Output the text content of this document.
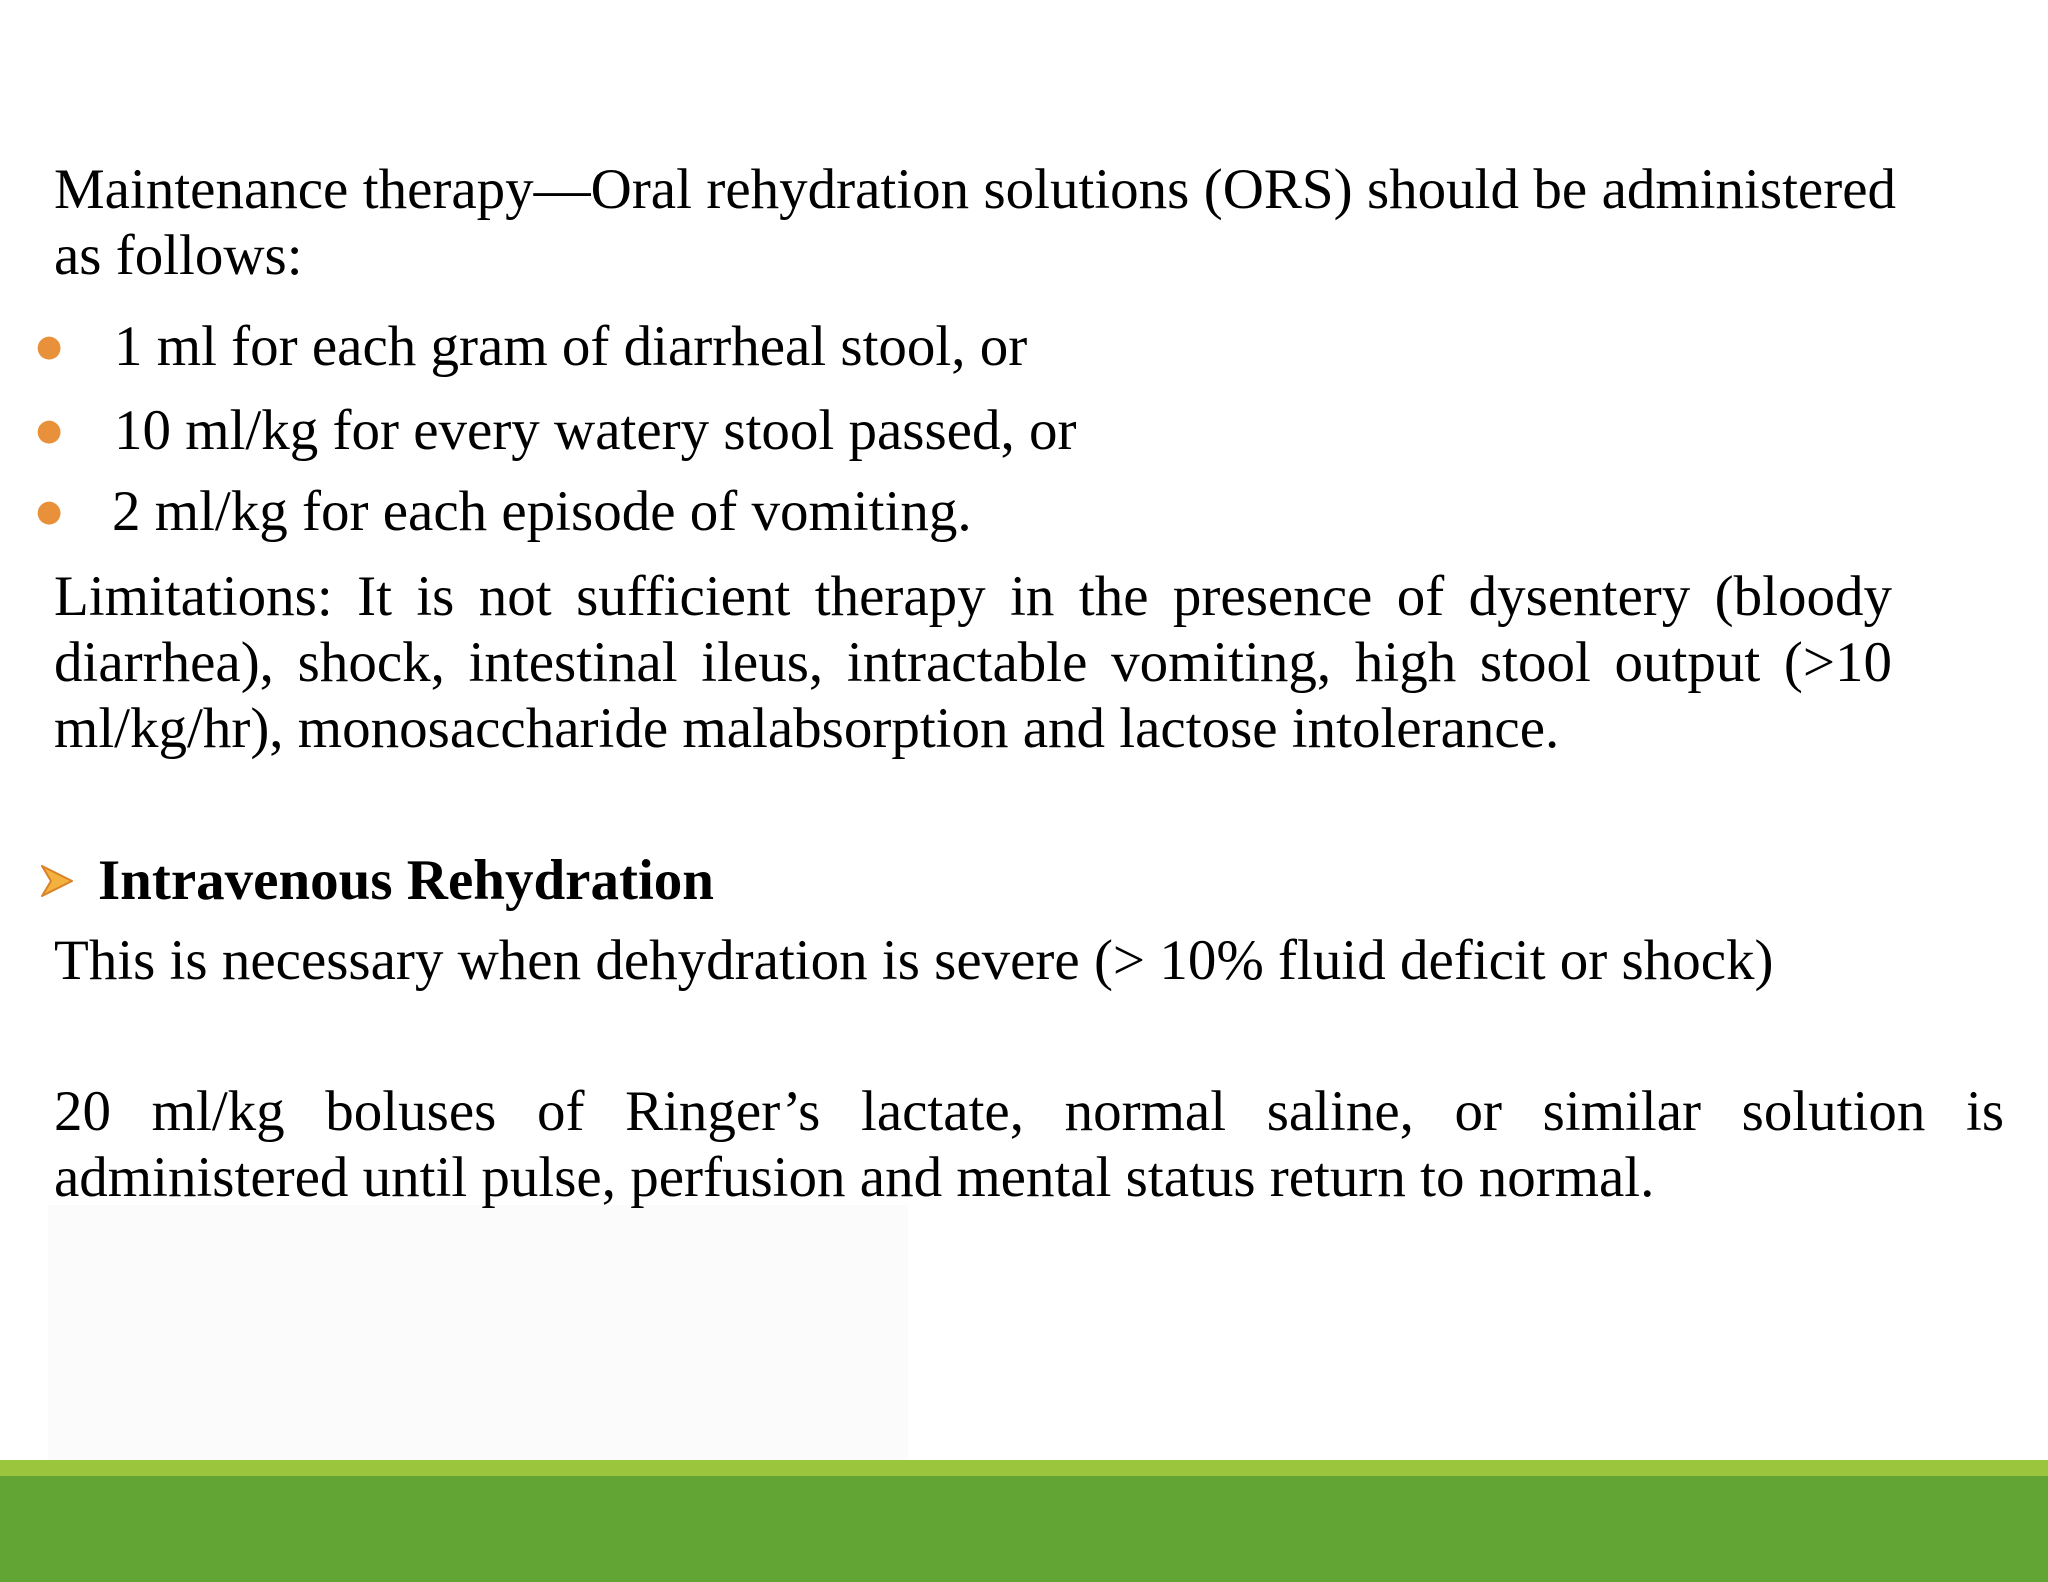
Maintenance therapy—Oral rehydration solutions (ORS) should be administered as follows:

● 1 ml for each gram of diarrheal stool, or
● 10 ml/kg for every watery stool passed, or
● 2 ml/kg for each episode of vomiting.

Limitations: It is not sufficient therapy in the presence of dysentery (bloody diarrhea), shock, intestinal ileus, intractable vomiting, high stool output (>10 ml/kg/hr), monosaccharide malabsorption and lactose intolerance.

Intravenous Rehydration

This is necessary when dehydration is severe (> 10% fluid deficit or shock)

20 ml/kg boluses of Ringer’s lactate, normal saline, or similar solution is administered until pulse, perfusion and mental status return to normal.
